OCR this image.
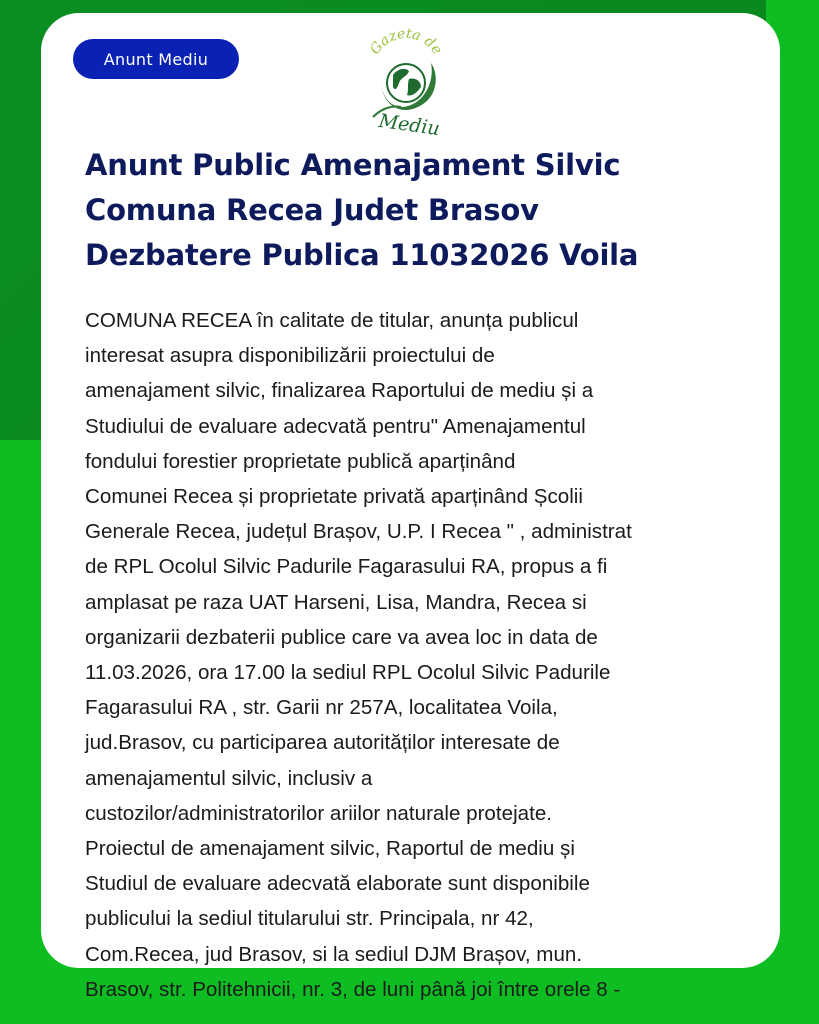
Anunt Mediu
Gazeta de
Mediu
Anunt Public Amenajament Silvic
Comuna Recea Judet Brasov
Dezbatere Publica 11032026 Voila
COMUNA RECEA în calitate de titular, anunța publicul
interesat asupra disponibilizării proiectului de
amenajament silvic, finalizarea Raportului de mediu și a
Studiului de evaluare adecvată pentru" Amenajamentul
fondului forestier proprietate publică aparținând
Comunei Recea și proprietate privată aparținând Școlii
Generale Recea, județul Brașov, U.P. I Recea " , administrat
de RPL Ocolul Silvic Padurile Fagarasului RA, propus a fi
amplasat pe raza UAT Harseni, Lisa, Mandra, Recea si
organizarii dezbaterii publice care va avea loc in data de
11.03.2026, ora 17.00 la sediul RPL Ocolul Silvic Padurile
Fagarasului RA , str. Garii nr 257A, localitatea Voila,
jud.Brasov, cu participarea autorităților interesate de
amenajamentul silvic, inclusiv a
custozilor/administratorilor ariilor naturale protejate.
Proiectul de amenajament silvic, Raportul de mediu și
Studiul de evaluare adecvată elaborate sunt disponibile
publicului la sediul titularului str. Principala, nr 42,
Com.Recea, jud Brasov, si la sediul DJM Brașov, mun.
Brasov, str. Politehnicii, nr. 3, de luni până joi între orele 8 -
